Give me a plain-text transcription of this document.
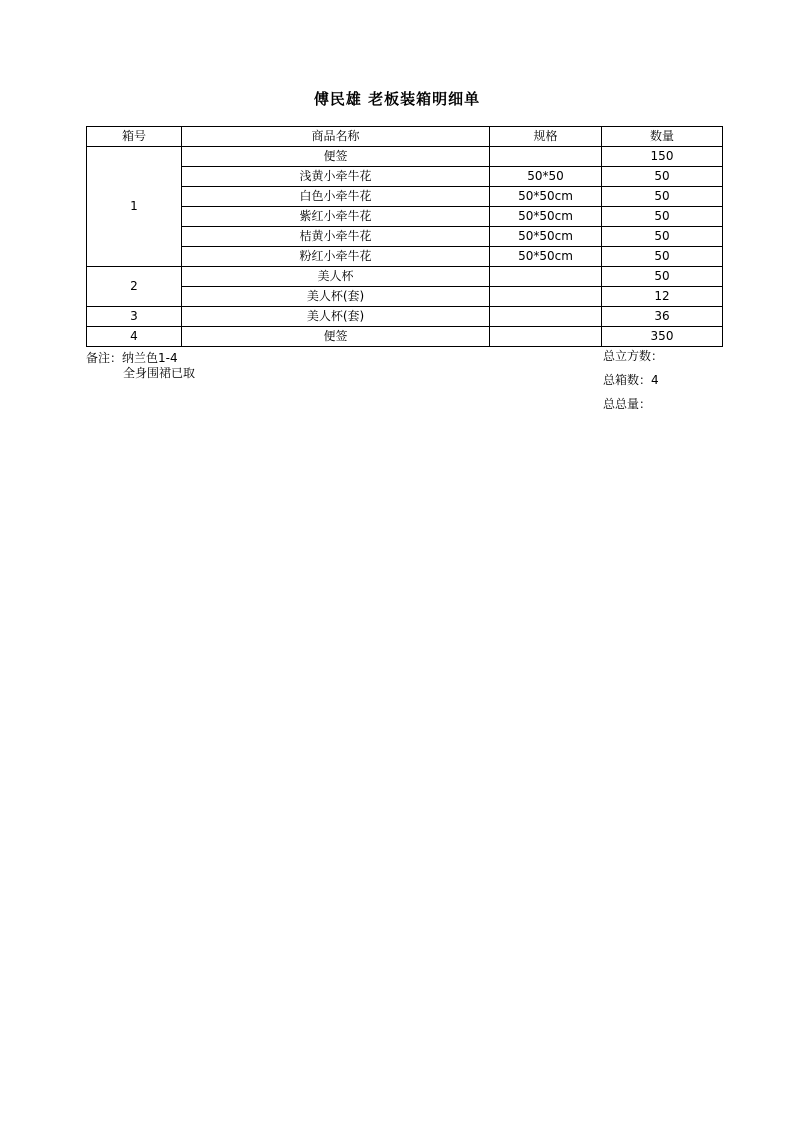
傅民雄 老板装箱明细单
箱号	商品名称	规格	数量
1	便签		150
	浅黄小牵牛花	50*50	50
	白色小牵牛花	50*50cm	50
	紫红小牵牛花	50*50cm	50
	桔黄小牵牛花	50*50cm	50
	粉红小牵牛花	50*50cm	50
2	美人杯		50
	美人杯(套)		12
3	美人杯(套)		36
4	便签		350
备注：纳兰色1-4
全身围裙已取
总立方数：
总箱数：4
总总量：
